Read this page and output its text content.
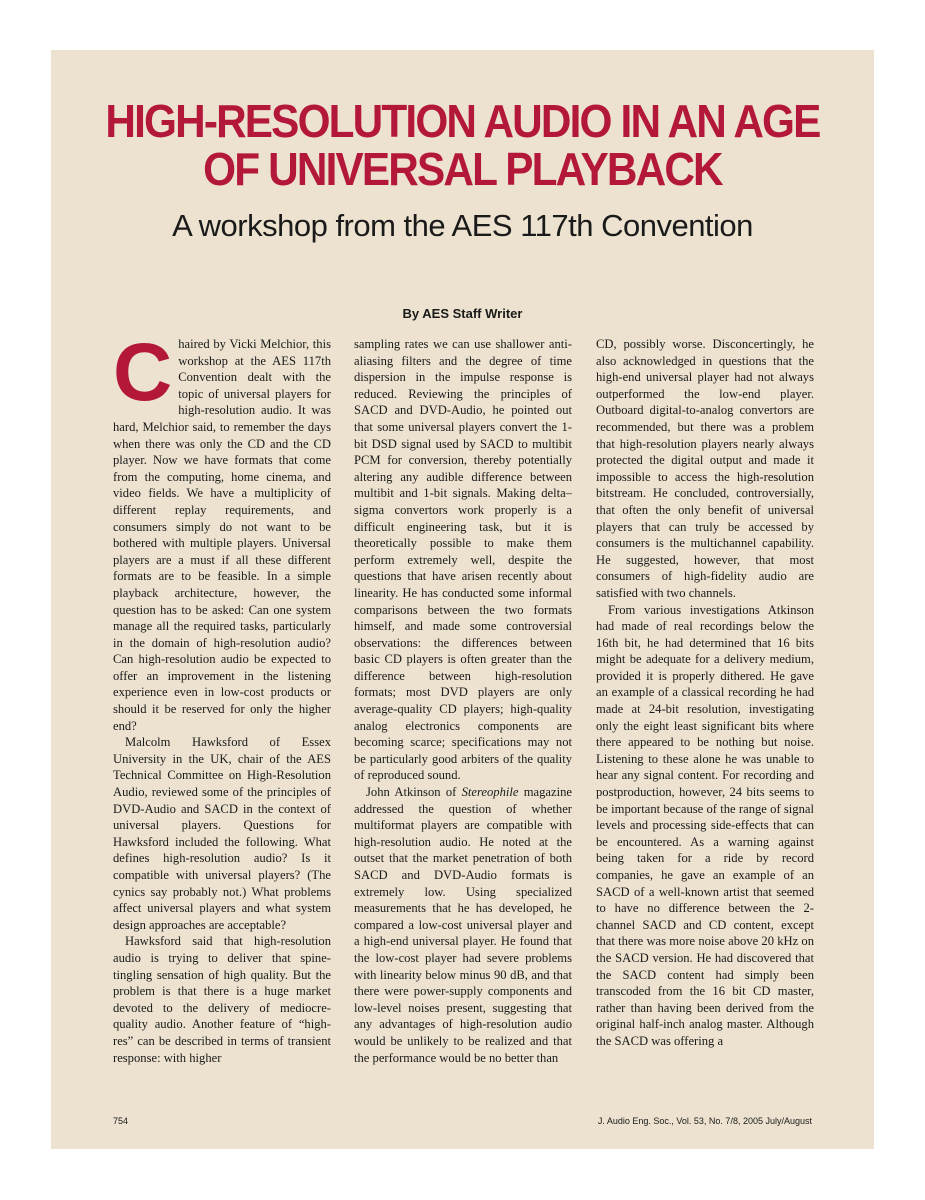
HIGH-RESOLUTION AUDIO IN AN AGE
OF UNIVERSAL PLAYBACK
A workshop from the AES 117th Convention
By AES Staff Writer

Chaired by Vicki Melchior, this workshop at the AES 117th Convention dealt with the topic of universal players for high-resolution audio. It was hard, Melchior said, to remember the days when there was only the CD and the CD player. Now we have formats that come from the computing, home cinema, and video fields. We have a multiplicity of different replay requirements, and consumers simply do not want to be bothered with multiple players. Universal players are a must if all these different formats are to be feasible. In a simple playback architecture, however, the question has to be asked: Can one system manage all the required tasks, particularly in the domain of high-resolution audio? Can high-resolution audio be expected to offer an improvement in the listening experience even in low-cost products or should it be reserved for only the higher end?

Malcolm Hawksford of Essex University in the UK, chair of the AES Technical Committee on High-Resolution Audio, reviewed some of the principles of DVD-Audio and SACD in the context of universal players. Questions for Hawksford included the following. What defines high-resolution audio? Is it compatible with universal players? (The cynics say probably not.) What problems affect universal players and what system design approaches are acceptable?

Hawksford said that high-resolution audio is trying to deliver that spine-tingling sensation of high quality. But the problem is that there is a huge market devoted to the delivery of mediocre-quality audio. Another feature of “high-res” can be described in terms of transient response: with higher

sampling rates we can use shallower anti-aliasing filters and the degree of time dispersion in the impulse response is reduced. Reviewing the principles of SACD and DVD-Audio, he pointed out that some universal players convert the 1-bit DSD signal used by SACD to multibit PCM for conversion, thereby potentially altering any audible difference between multibit and 1-bit signals. Making delta–sigma convertors work properly is a difficult engineering task, but it is theoretically possible to make them perform extremely well, despite the questions that have arisen recently about linearity. He has conducted some informal comparisons between the two formats himself, and made some controversial observations: the differences between basic CD players is often greater than the difference between high-resolution formats; most DVD players are only average-quality CD players; high-quality analog electronics components are becoming scarce; specifications may not be particularly good arbiters of the quality of reproduced sound.

John Atkinson of Stereophile magazine addressed the question of whether multiformat players are compatible with high-resolution audio. He noted at the outset that the market penetration of both SACD and DVD-Audio formats is extremely low. Using specialized measurements that he has developed, he compared a low-cost universal player and a high-end universal player. He found that the low-cost player had severe problems with linearity below minus 90 dB, and that there were power-supply components and low-level noises present, suggesting that any advantages of high-resolution audio would be unlikely to be realized and that the performance would be no better than

CD, possibly worse. Disconcertingly, he also acknowledged in questions that the high-end universal player had not always outperformed the low-end player. Outboard digital-to-analog convertors are recommended, but there was a problem that high-resolution players nearly always protected the digital output and made it impossible to access the high-resolution bitstream. He concluded, controversially, that often the only benefit of universal players that can truly be accessed by consumers is the multichannel capability. He suggested, however, that most consumers of high-fidelity audio are satisfied with two channels.

From various investigations Atkinson had made of real recordings below the 16th bit, he had determined that 16 bits might be adequate for a delivery medium, provided it is properly dithered. He gave an example of a classical recording he had made at 24-bit resolution, investigating only the eight least significant bits where there appeared to be nothing but noise. Listening to these alone he was unable to hear any signal content. For recording and postproduction, however, 24 bits seems to be important because of the range of signal levels and processing side-effects that can be encountered. As a warning against being taken for a ride by record companies, he gave an example of an SACD of a well-known artist that seemed to have no difference between the 2-channel SACD and CD content, except that there was more noise above 20 kHz on the SACD version. He had discovered that the SACD content had simply been transcoded from the 16 bit CD master, rather than having been derived from the original half-inch analog master. Although the SACD was offering a

754	J. Audio Eng. Soc., Vol. 53, No. 7/8, 2005 July/August
